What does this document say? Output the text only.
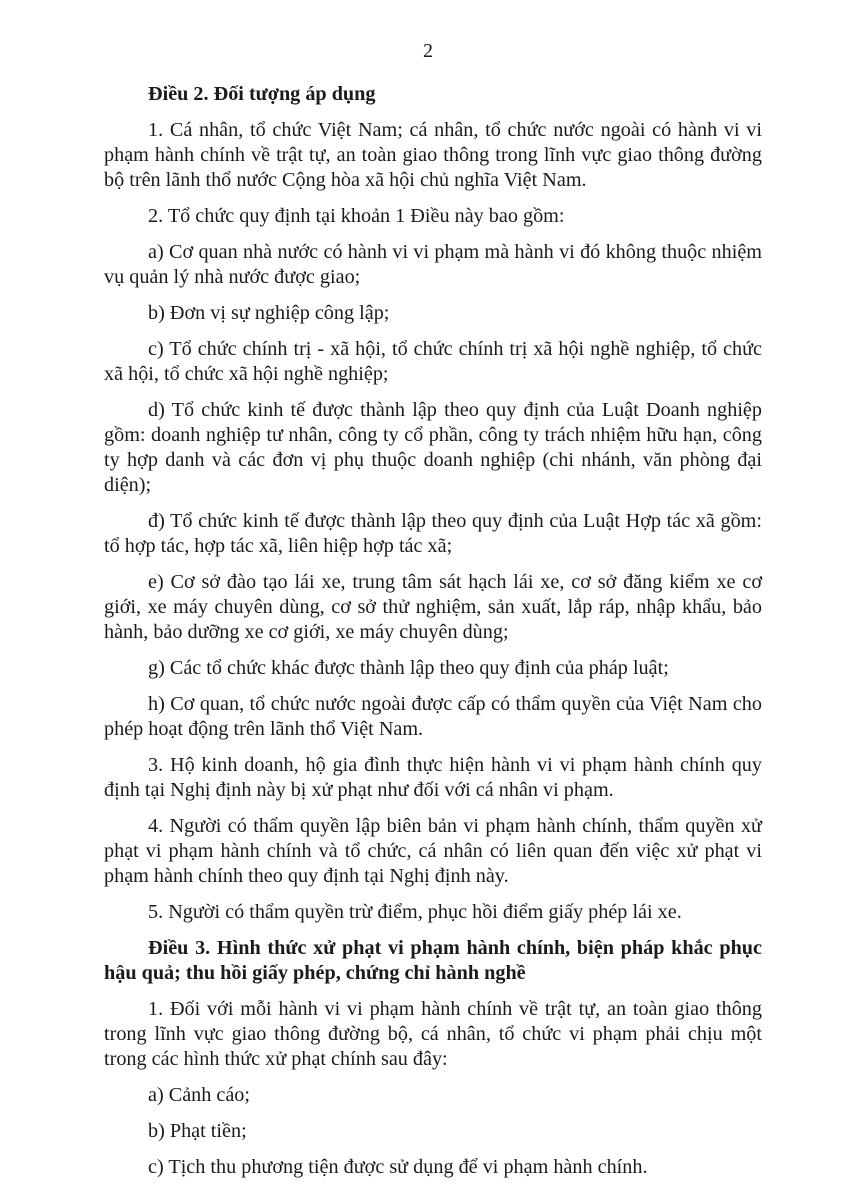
2
Điều 2. Đối tượng áp dụng

1. Cá nhân, tổ chức Việt Nam; cá nhân, tổ chức nước ngoài có hành vi vi phạm hành chính về trật tự, an toàn giao thông trong lĩnh vực giao thông đường bộ trên lãnh thổ nước Cộng hòa xã hội chủ nghĩa Việt Nam.

2. Tổ chức quy định tại khoản 1 Điều này bao gồm:

a) Cơ quan nhà nước có hành vi vi phạm mà hành vi đó không thuộc nhiệm vụ quản lý nhà nước được giao;

b) Đơn vị sự nghiệp công lập;

c) Tổ chức chính trị - xã hội, tổ chức chính trị xã hội nghề nghiệp, tổ chức xã hội, tổ chức xã hội nghề nghiệp;

d) Tổ chức kinh tế được thành lập theo quy định của Luật Doanh nghiệp gồm: doanh nghiệp tư nhân, công ty cổ phần, công ty trách nhiệm hữu hạn, công ty hợp danh và các đơn vị phụ thuộc doanh nghiệp (chi nhánh, văn phòng đại diện);

đ) Tổ chức kinh tế được thành lập theo quy định của Luật Hợp tác xã gồm: tổ hợp tác, hợp tác xã, liên hiệp hợp tác xã;

e) Cơ sở đào tạo lái xe, trung tâm sát hạch lái xe, cơ sở đăng kiểm xe cơ giới, xe máy chuyên dùng, cơ sở thử nghiệm, sản xuất, lắp ráp, nhập khẩu, bảo hành, bảo dưỡng xe cơ giới, xe máy chuyên dùng;

g) Các tổ chức khác được thành lập theo quy định của pháp luật;

h) Cơ quan, tổ chức nước ngoài được cấp có thẩm quyền của Việt Nam cho phép hoạt động trên lãnh thổ Việt Nam.

3. Hộ kinh doanh, hộ gia đình thực hiện hành vi vi phạm hành chính quy định tại Nghị định này bị xử phạt như đối với cá nhân vi phạm.

4. Người có thẩm quyền lập biên bản vi phạm hành chính, thẩm quyền xử phạt vi phạm hành chính và tổ chức, cá nhân có liên quan đến việc xử phạt vi phạm hành chính theo quy định tại Nghị định này.

5. Người có thẩm quyền trừ điểm, phục hồi điểm giấy phép lái xe.

Điều 3. Hình thức xử phạt vi phạm hành chính, biện pháp khắc phục hậu quả; thu hồi giấy phép, chứng chỉ hành nghề

1. Đối với mỗi hành vi vi phạm hành chính về trật tự, an toàn giao thông trong lĩnh vực giao thông đường bộ, cá nhân, tổ chức vi phạm phải chịu một trong các hình thức xử phạt chính sau đây:

a) Cảnh cáo;

b) Phạt tiền;

c) Tịch thu phương tiện được sử dụng để vi phạm hành chính.
